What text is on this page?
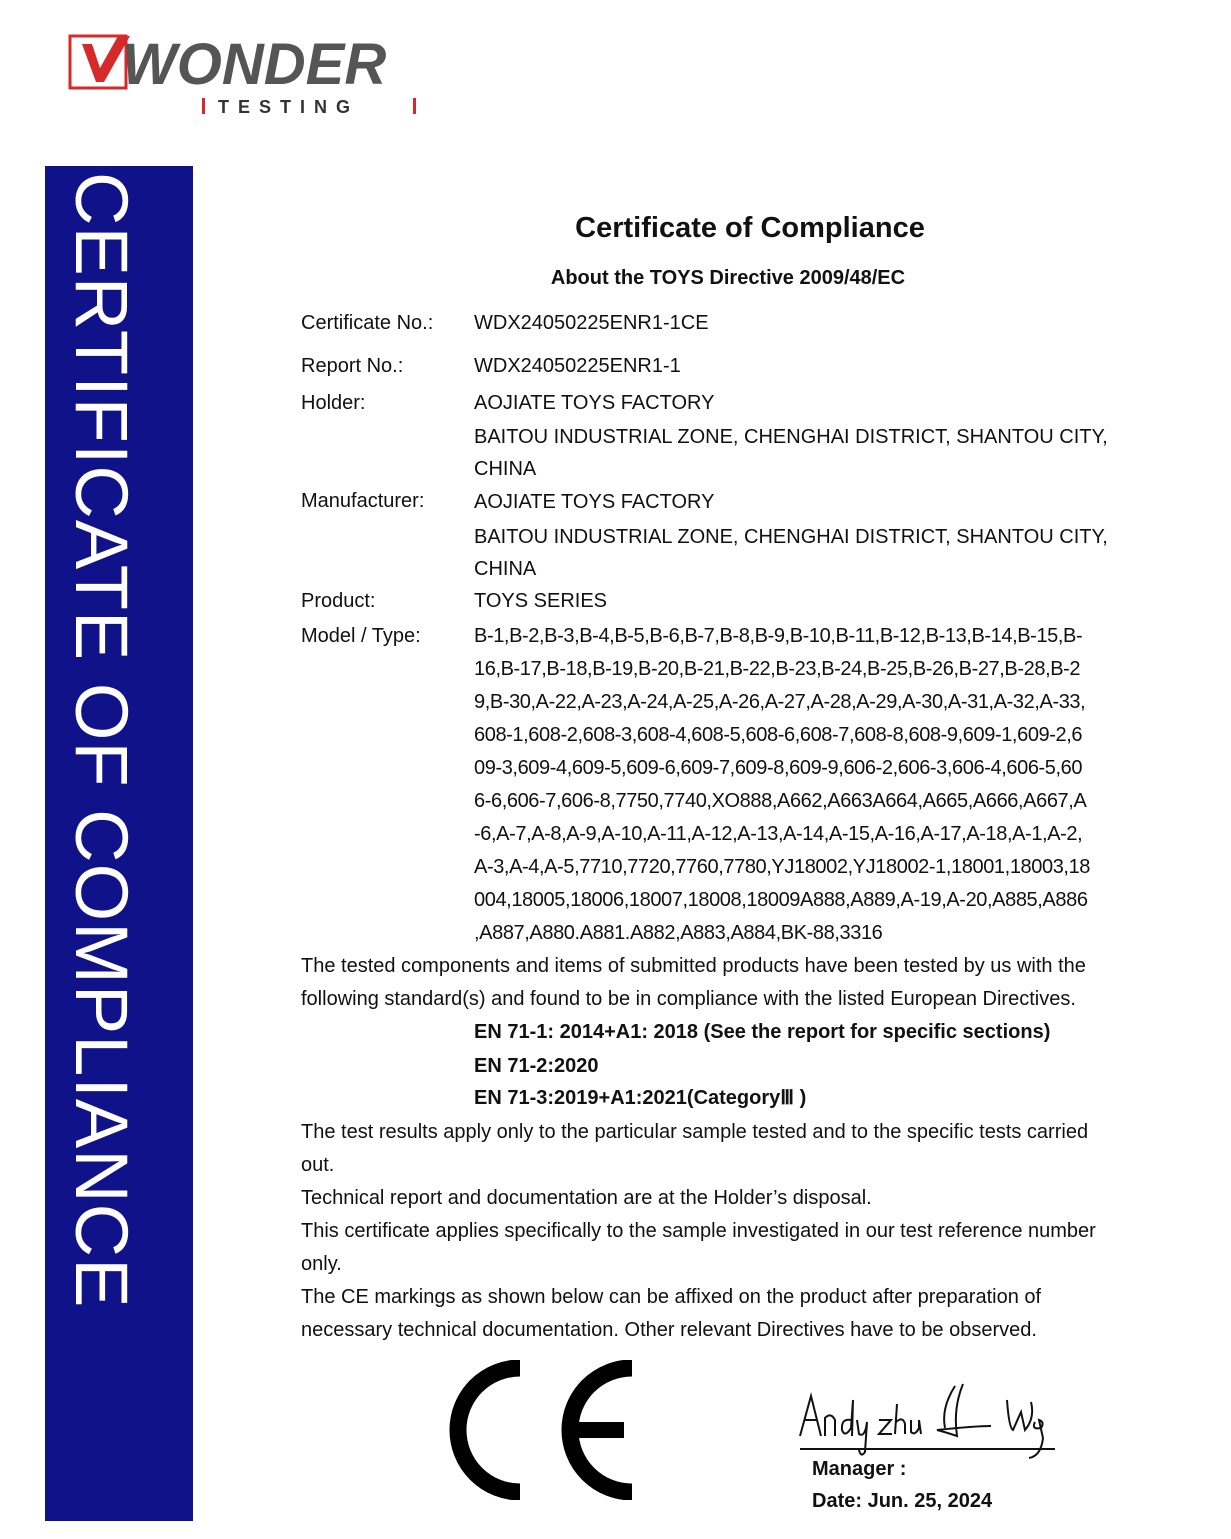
WONDER
TESTING
CERTIFICATE OF COMPLIANCE	Certificate of Compliance
About the TOYS Directive 2009/48/EC
Certificate No.: WDX24050225ENR1-1CE
Report No.:	WDX24050225ENR1-1
Holder:	AOJIATE TOYS FACTORY
BAITOU INDUSTRIAL ZONE, CHENGHAI DISTRICT, SHANTOU CITY,
CHINA
Manufacturer: AOJIATE TOYS FACTORY
BAITOU INDUSTRIAL ZONE, CHENGHAI DISTRICT, SHANTOU CITY,
CHINA
Product:	TOYS SERIES
Model / Type:	B-1,B-2,B-3,B-4,B-5,B-6,B-7,B-8,B-9,B-10,B-11,B-12,B-13,B-14,B-15,B-
16,B-17,B-18,B-19,B-20,B-21,B-22,B-23,B-24,B-25,B-26,B-27,B-28,B-2
9,B-30,A-22,A-23,A-24,A-25,A-26,A-27,A-28,A-29,A-30,A-31,A-32,A-33,
608-1,608-2,608-3,608-4,608-5,608-6,608-7,608-8,608-9,609-1,609-2,6
09-3,609-4,609-5,609-6,609-7,609-8,609-9,606-2,606-3,606-4,606-5,60
6-6,606-7,606-8,7750,7740,XO888,A662,A663A664,A665,A666,A667,A
-6,A-7,A-8,A-9,A-10,A-11,A-12,A-13,A-14,A-15,A-16,A-17,A-18,A-1,A-2,
A-3,A-4,A-5,7710,7720,7760,7780,YJ18002,YJ18002-1,18001,18003,18
004,18005,18006,18007,18008,18009A888,A889,A-19,A-20,A885,A886
,A887,A880.A881.A882,A883,A884,BK-88,3316
The tested components and items of submitted products have been tested by us with the
following standard(s) and found to be in compliance with the listed European Directives.
EN 71-1: 2014+A1: 2018 (See the report for specific sections)
EN 71-2:2020
EN 71-3:2019+A1:2021(CategoryⅢ )
The test results apply only to the particular sample tested and to the specific tests carried
out.
Technical report and documentation are at the Holder’s disposal.
This certificate applies specifically to the sample investigated in our test reference number
only.
The CE markings as shown below can be affixed on the product after preparation of
necessary technical documentation. Other relevant Directives have to be observed.
Manager :
Date: Jun. 25, 2024
